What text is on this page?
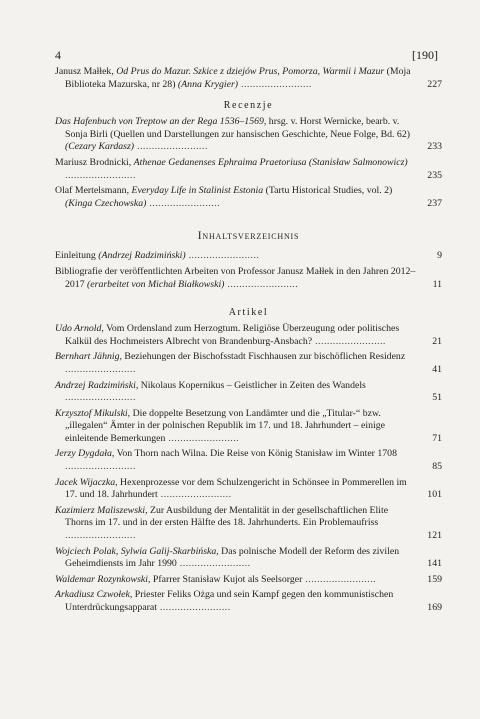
4	[190]
Janusz Małłek, Od Prus do Mazur. Szkice z dziejów Prus, Pomorza, Warmii i Mazur (Moja Biblioteka Mazurska, nr 28) (Anna Krygier) ........................	227
Recenzje
Das Hafenbuch von Treptow an der Rega 1536–1569, hrsg. v. Horst Wernicke, bearb. v. Sonja Birli (Quellen und Darstellungen zur hansischen Geschichte, Neue Folge, Bd. 62) (Cezary Kardasz) ........................	233
Mariusz Brodnicki, Athenae Gedanenses Ephraima Praetoriusa (Stanisław Salmonowicz) ........................	235
Olaf Mertelsmann, Everyday Life in Stalinist Estonia (Tartu Historical Studies, vol. 2) (Kinga Czechowska) ........................	237
Inhaltsverzeichnis
Einleitung (Andrzej Radzimiński) ........................	9
Bibliografie der veröffentlichten Arbeiten von Professor Janusz Małłek in den Jahren 2012–2017 (erarbeitet von Michał Białkowski) ........................	11
Artikel
Udo Arnold, Vom Ordensland zum Herzogtum. Religiöse Überzeugung oder politisches Kalkül des Hochmeisters Albrecht von Brandenburg-Ansbach? ........................	21
Bernhart Jähnig, Beziehungen der Bischofsstadt Fischhausen zur bischöflichen Residenz ........................	41
Andrzej Radzimiński, Nikolaus Kopernikus – Geistlicher in Zeiten des Wandels ........................	51
Krzysztof Mikulski, Die doppelte Besetzung von Landämter und die „Titular-“ bzw. „illegalen“ Ämter in der polnischen Republik im 17. und 18. Jahrhundert – einige einleitende Bemerkungen ........................	71
Jerzy Dygdała, Von Thorn nach Wilna. Die Reise von König Stanisław im Winter 1708 ........................	85
Jacek Wijaczka, Hexenprozesse vor dem Schulzengericht in Schönsee in Pommerellen im 17. und 18. Jahrhundert ........................	101
Kazimierz Maliszewski, Zur Ausbildung der Mentalität in der gesellschaftlichen Elite Thorns im 17. und in der ersten Hälfte des 18. Jahrhunderts. Ein Problemaufriss ........................	121
Wojciech Polak, Sylwia Galij-Skarbińska, Das polnische Modell der Reform des zivilen Geheimdiensts im Jahr 1990 ........................	141
Waldemar Rozynkowski, Pfarrer Stanisław Kujot als Seelsorger ........................	159
Arkadiusz Czwołek, Priester Feliks Ożga und sein Kampf gegen den kommunistischen Unterdrückungsapparat ........................	169
